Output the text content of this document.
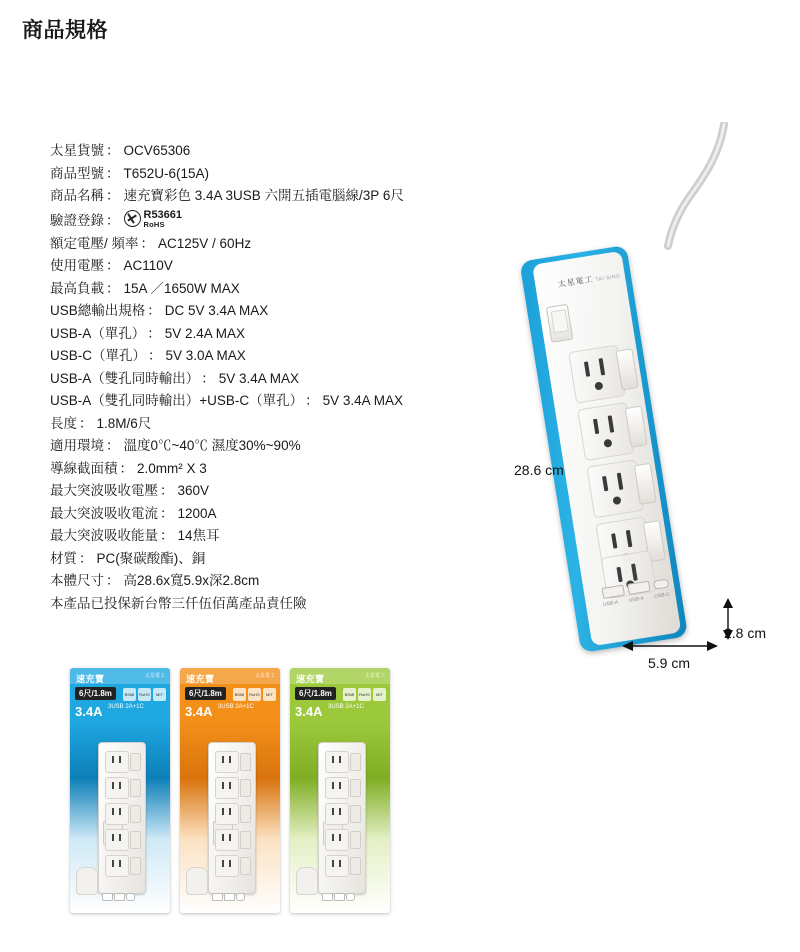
商品規格
太星貨號 ： OCV65306
商品型號 ： T652U-6(15A)
商品名稱 ： 速充寶彩色 3.4A 3USB 六開五插電腦線/3P 6尺
驗證登錄 ：	R53661
RoHS
額定電壓/ 頻率 ： AC125V / 60Hz
使用電壓 ： AC110V
最高負載 ： 15A ／1650W MAX
USB總輸出規格 ： DC 5V 3.4A MAX
USB-A（單孔） ： 5V 2.4A MAX
USB-C（單孔） ： 5V 3.0A MAX
USB-A（雙孔同時輸出） ： 5V 3.4A MAX
USB-A（雙孔同時輸出）+USB-C（單孔） ： 5V 3.4A MAX
長度 ： 1.8M/6尺
適用環境 ： 溫度0℃~40℃ 濕度30%~90%
導線截面積 ： 2.0mm² X 3
最大突波吸收電壓 ： 360V
最大突波吸收電流 ： 1200A
最大突波吸收能量 ： 14焦耳
材質 ： PC(聚碳酸酯)、銅
本體尺寸 ： 高28.6x寬5.9x深2.8cm
本產品已投保新台幣三仟伍佰萬產品責任險
太星電工 TAI SING
USB-A USB-A USB-C
28.6 cm
5.9 cm
2.8 cm
速充寶	太星電工
6尺/1.8m
3.4A 3USB 2A+1C
BSMI	RoHS	MIT
速充寶	太星電工
6尺/1.8m
3.4A 3USB 2A+1C
BSMI	RoHS	MIT
速充寶	太星電工
6尺/1.8m
3.4A 3USB 2A+1C
BSMI	RoHS	MIT
